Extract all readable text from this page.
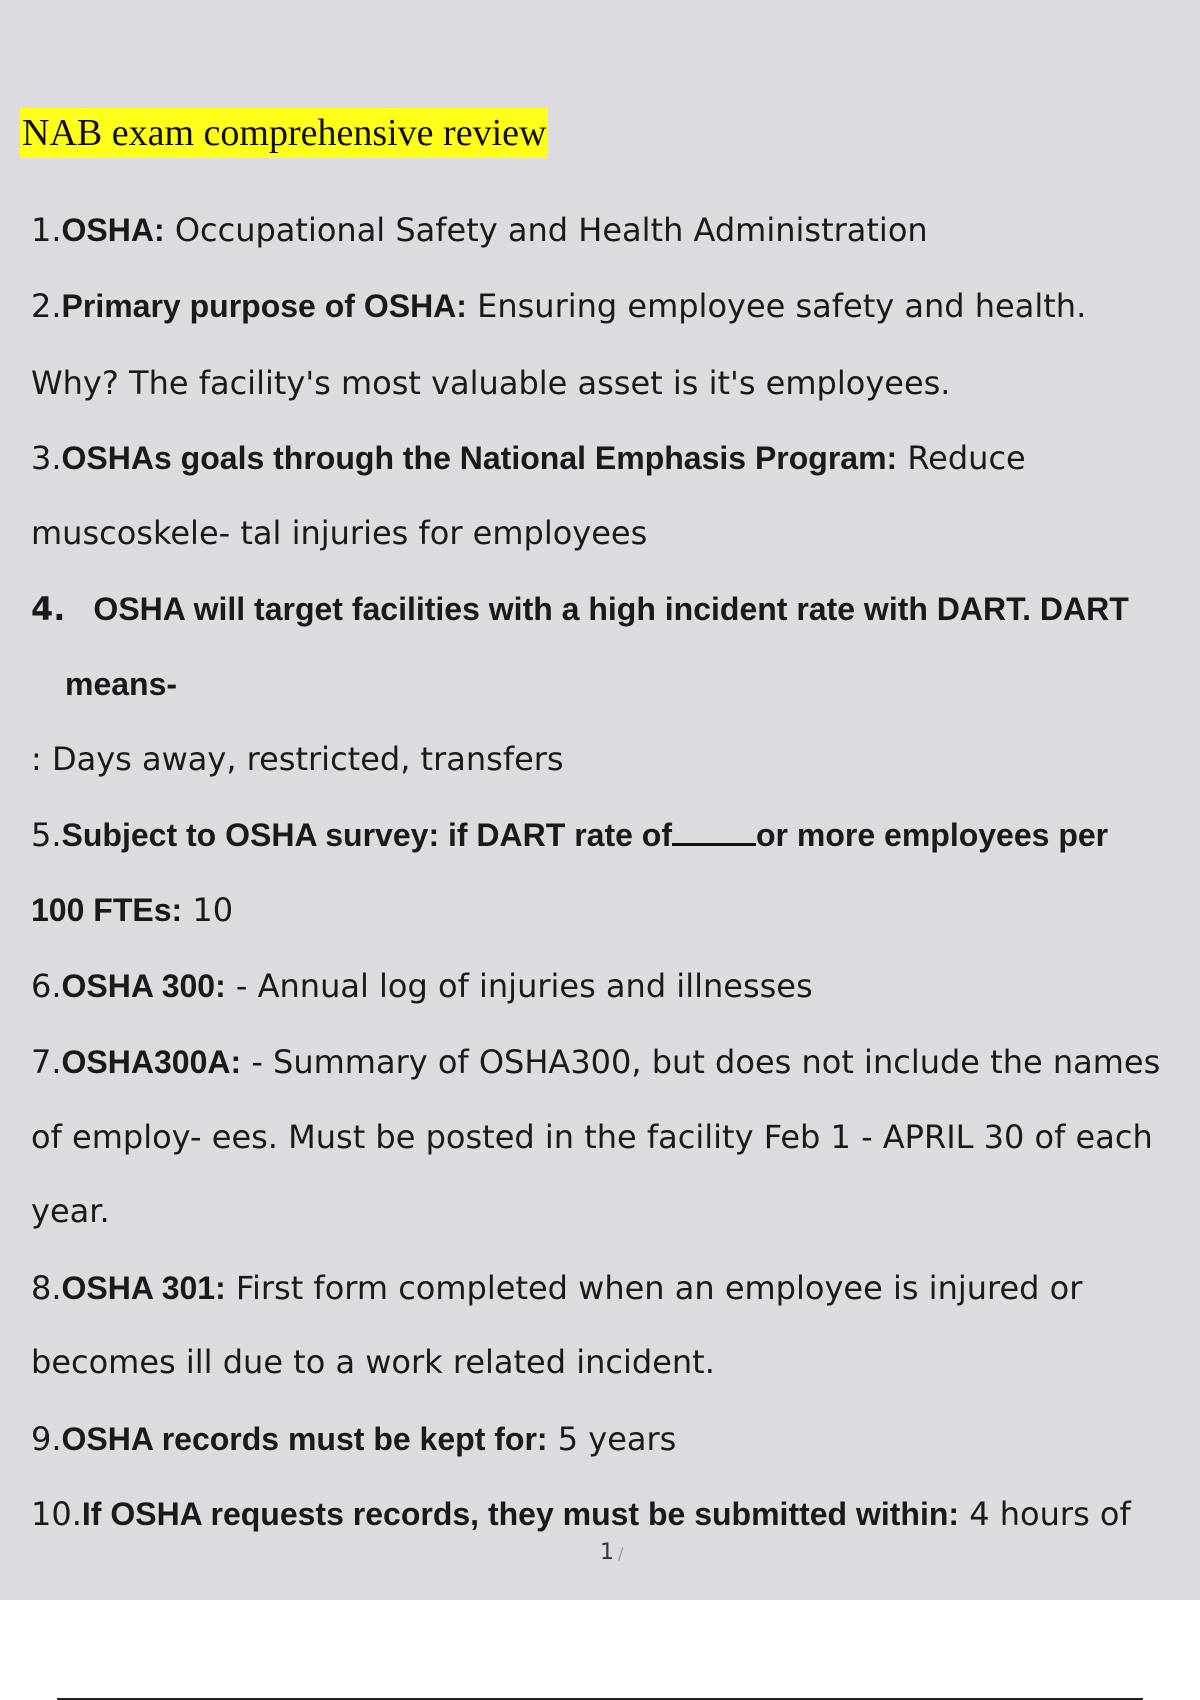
NAB exam comprehensive review
1.OSHA: Occupational Safety and Health Administration
2.Primary purpose of OSHA: Ensuring employee safety and health.
Why? The facility's most valuable asset is it's employees.
3.OSHAs goals through the National Emphasis Program: Reduce
muscoskele- tal injuries for employees
4. OSHA will target facilities with a high incident rate with DART. DART
means-
: Days away, restricted, transfers
5.Subject to OSHA survey: if DART rate of	or more employees per
100 FTEs: 10
6.OSHA 300: - Annual log of injuries and illnesses
7.OSHA300A: - Summary of OSHA300, but does not include the names
of employ- ees. Must be posted in the facility Feb 1 - APRIL 30 of each
year.
8.OSHA 301: First form completed when an employee is injured or
becomes ill due to a work related incident.
9.OSHA records must be kept for: 5 years
10.If OSHA requests records, they must be submitted within: 4 hours of
1 /
